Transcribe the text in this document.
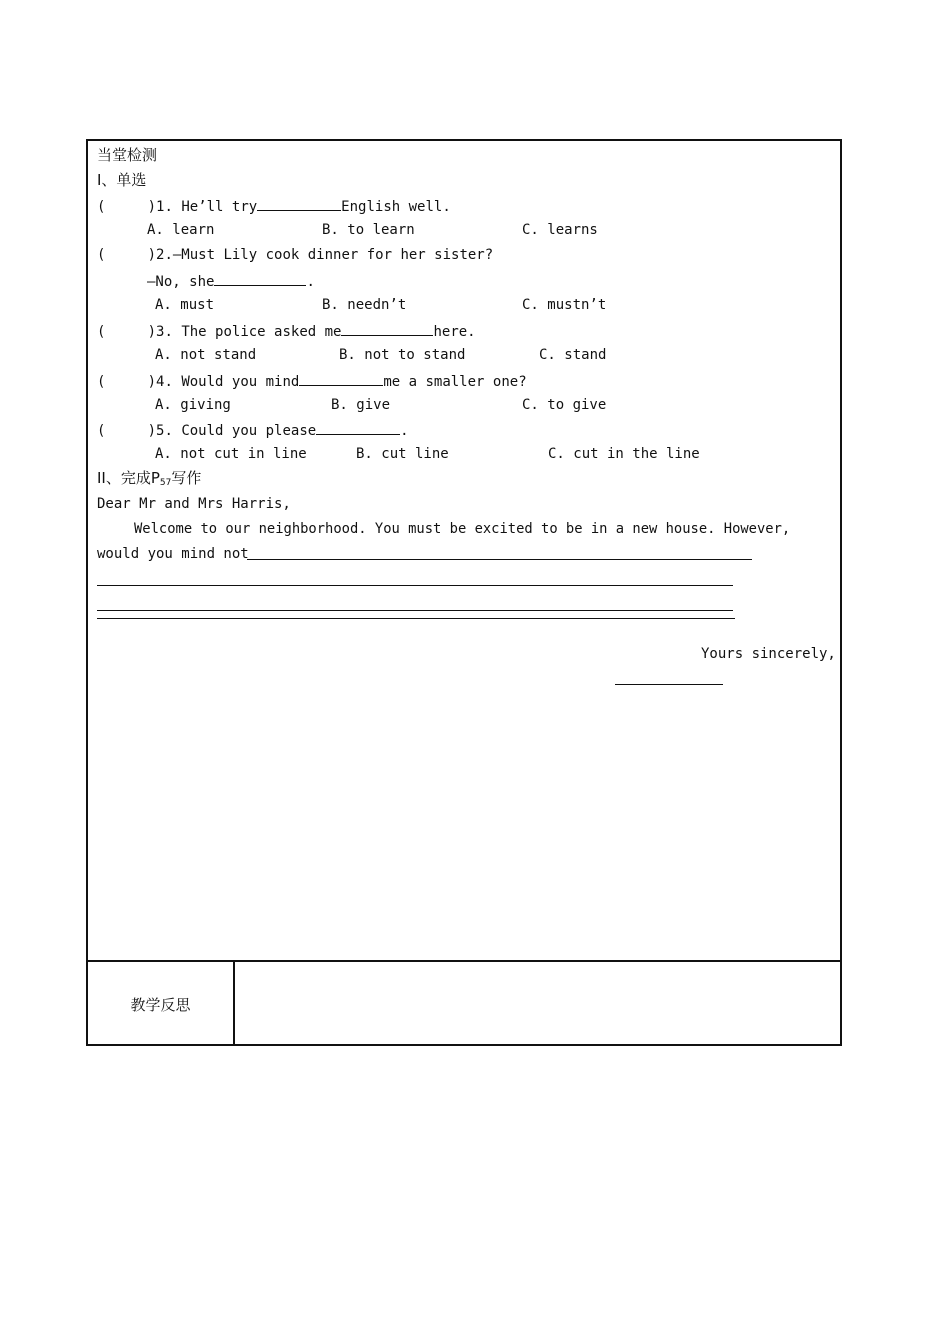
当堂检测
I、单选
(     )1. He’ll try	English well.
A. learn	B. to learn	C. learns
(     )2.—Must Lily cook dinner for her sister?
—No, she	.
A. must	B. needn’t	C. mustn’t
(     )3. The police asked me	here.
A. not stand	B. not to stand	C. stand
(     )4. Would you mind	me a smaller one?
A. giving	B. give	C. to give
(     )5. Could you please	.
A. not cut in line	B. cut line	C. cut in the line
II、完成$P_{57}$写作
Dear Mr and Mrs Harris,
Welcome to our neighborhood. You must be excited to be in a new house. However,
would you mind not
Yours sincerely,
教学反思
